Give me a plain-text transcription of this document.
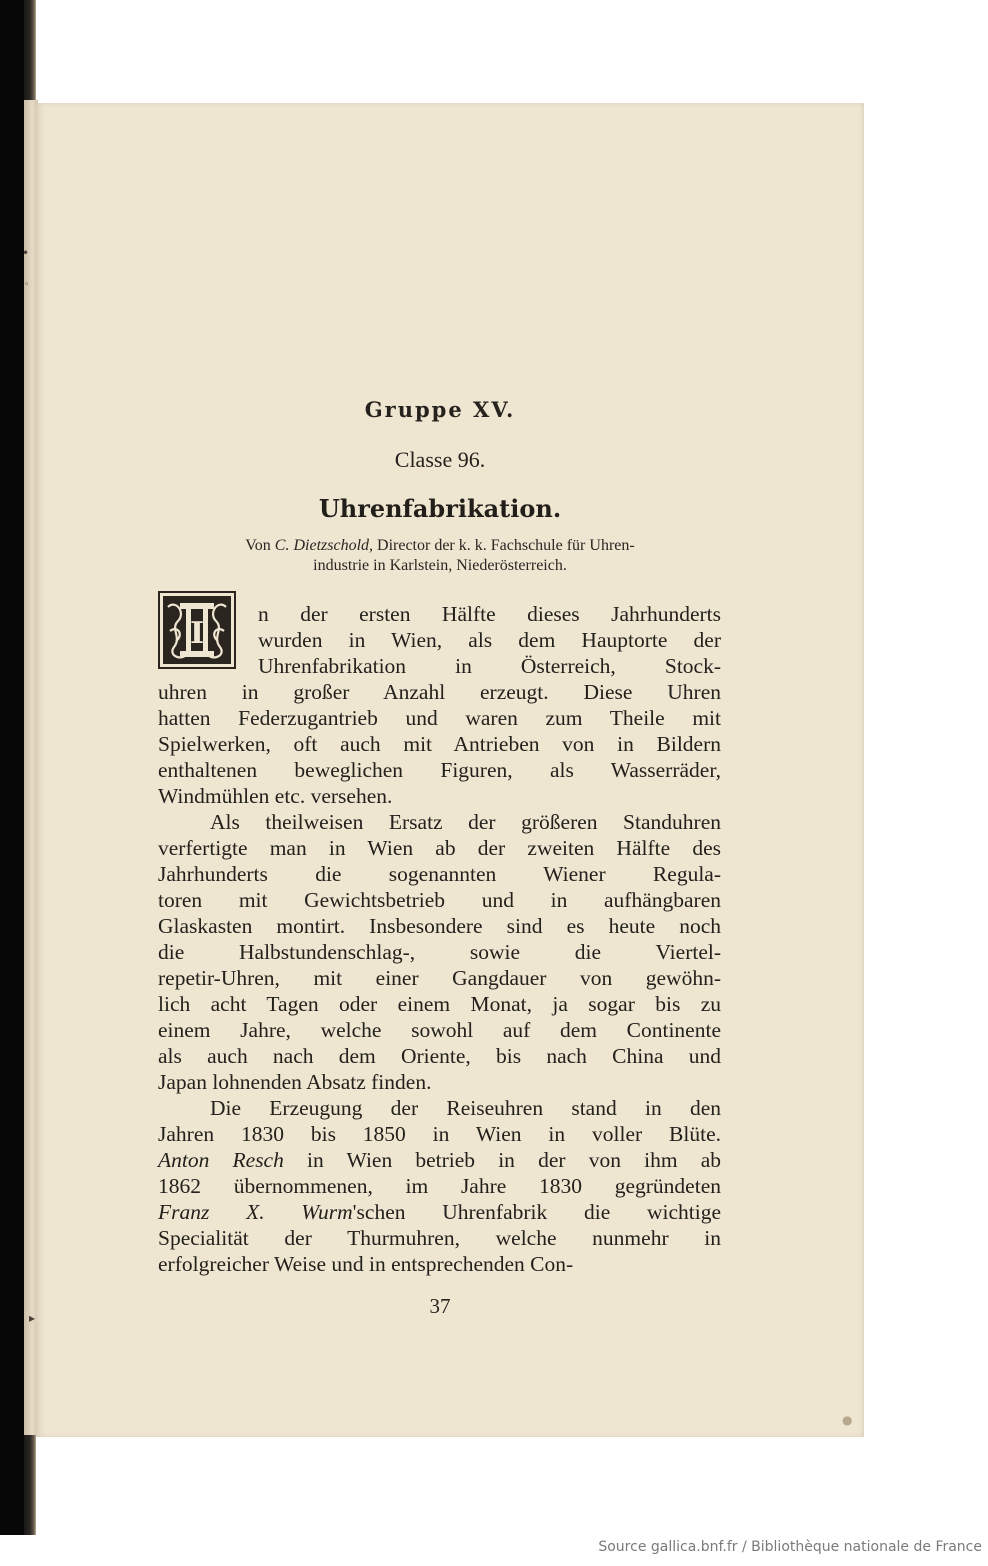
•
◦
▸
●
Gruppe XV.
Classe 96.
Uhrenfabrikation.
Von C. Dietzschold, Director der k. k. Fachschule für Uhren-
industrie in Karlstein, Niederösterreich.
I
n der ersten Hälfte dieses Jahrhunderts
wurden in Wien, als dem Hauptorte der
Uhrenfabrikation in Österreich, Stock-
uhren in großer Anzahl erzeugt. Diese Uhren
hatten Federzugantrieb und waren zum Theile mit
Spielwerken, oft auch mit Antrieben von in Bildern
enthaltenen beweglichen Figuren, als Wasserräder,
Windmühlen etc. versehen.
Als theilweisen Ersatz der größeren Standuhren
verfertigte man in Wien ab der zweiten Hälfte des
Jahrhunderts die sogenannten Wiener Regula-
toren mit Gewichtsbetrieb und in aufhängbaren
Glaskasten montirt. Insbesondere sind es heute noch
die Halbstundenschlag-, sowie die Viertel-
repetir-Uhren, mit einer Gangdauer von gewöhn-
lich acht Tagen oder einem Monat, ja sogar bis zu
einem Jahre, welche sowohl auf dem Continente
als auch nach dem Oriente, bis nach China und
Japan lohnenden Absatz finden.
Die Erzeugung der Reiseuhren stand in den
Jahren 1830 bis 1850 in Wien in voller Blüte.
Anton Resch in Wien betrieb in der von ihm ab
1862 übernommenen, im Jahre 1830 gegründeten
Franz X. Wurm'schen Uhrenfabrik die wichtige
Specialität der Thurmuhren, welche nunmehr in
erfolgreicher Weise und in entsprechenden Con-
37
Source gallica.bnf.fr / Bibliothèque nationale de France
